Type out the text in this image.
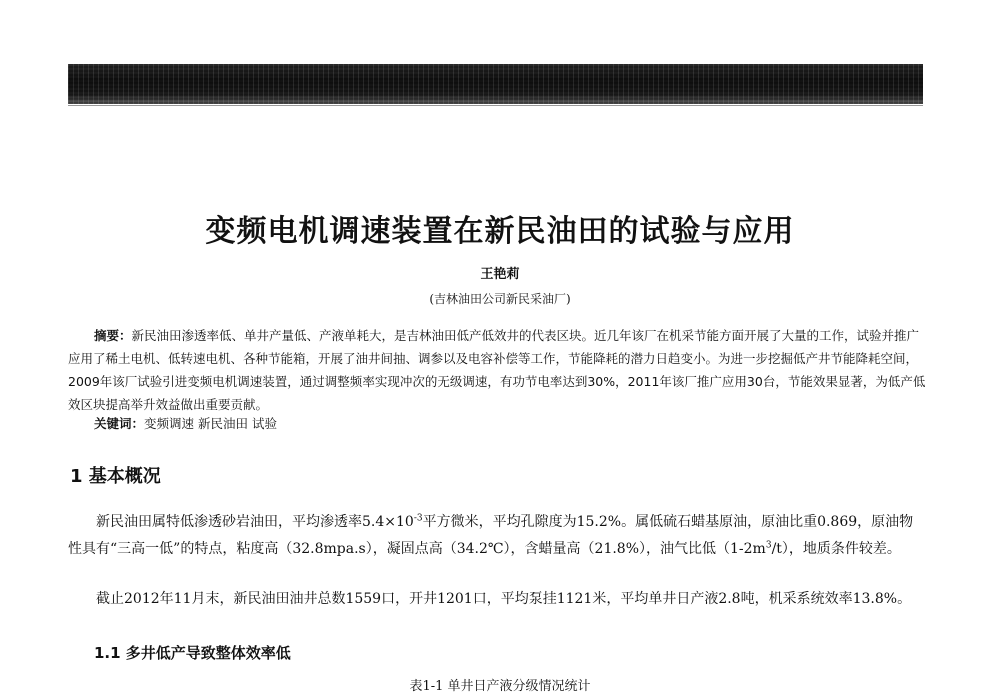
变频电机调速装置在新民油田的试验与应用
王艳莉
(吉林油田公司新民采油厂)
摘要：新民油田渗透率低、单井产量低、产液单耗大，是吉林油田低产低效井的代表区块。近几年该厂在机采节能方面开展了大量的工作，试验并推广应用了稀土电机、低转速电机、各种节能箱，开展了油井间抽、调参以及电容补偿等工作，节能降耗的潜力日趋变小。为进一步挖掘低产井节能降耗空间，2009年该厂试验引进变频电机调速装置，通过调整频率实现冲次的无级调速，有功节电率达到30%，2011年该厂推广应用30台，节能效果显著，为低产低效区块提高举升效益做出重要贡献。
关键词：变频调速 新民油田 试验
1 基本概况
新民油田属特低渗透砂岩油田，平均渗透率$5.4\times 10^{-3}$平方微米，平均孔隙度为15.2%。属低硫石蜡基原油，原油比重0.869，原油物性具有“三高一低”的特点，粘度高（32.8mpa.s），凝固点高（34.2℃），含蜡量高（21.8%），油气比低$(1-2m^3/t)$，地质条件较差。
截止2012年11月末，新民油田油井总数1559口，开井1201口，平均泵挂1121米，平均单井日产液2.8吨，机采系统效率13.8%。
1.1 多井低产导致整体效率低
表1-1 单井日产液分级情况统计
